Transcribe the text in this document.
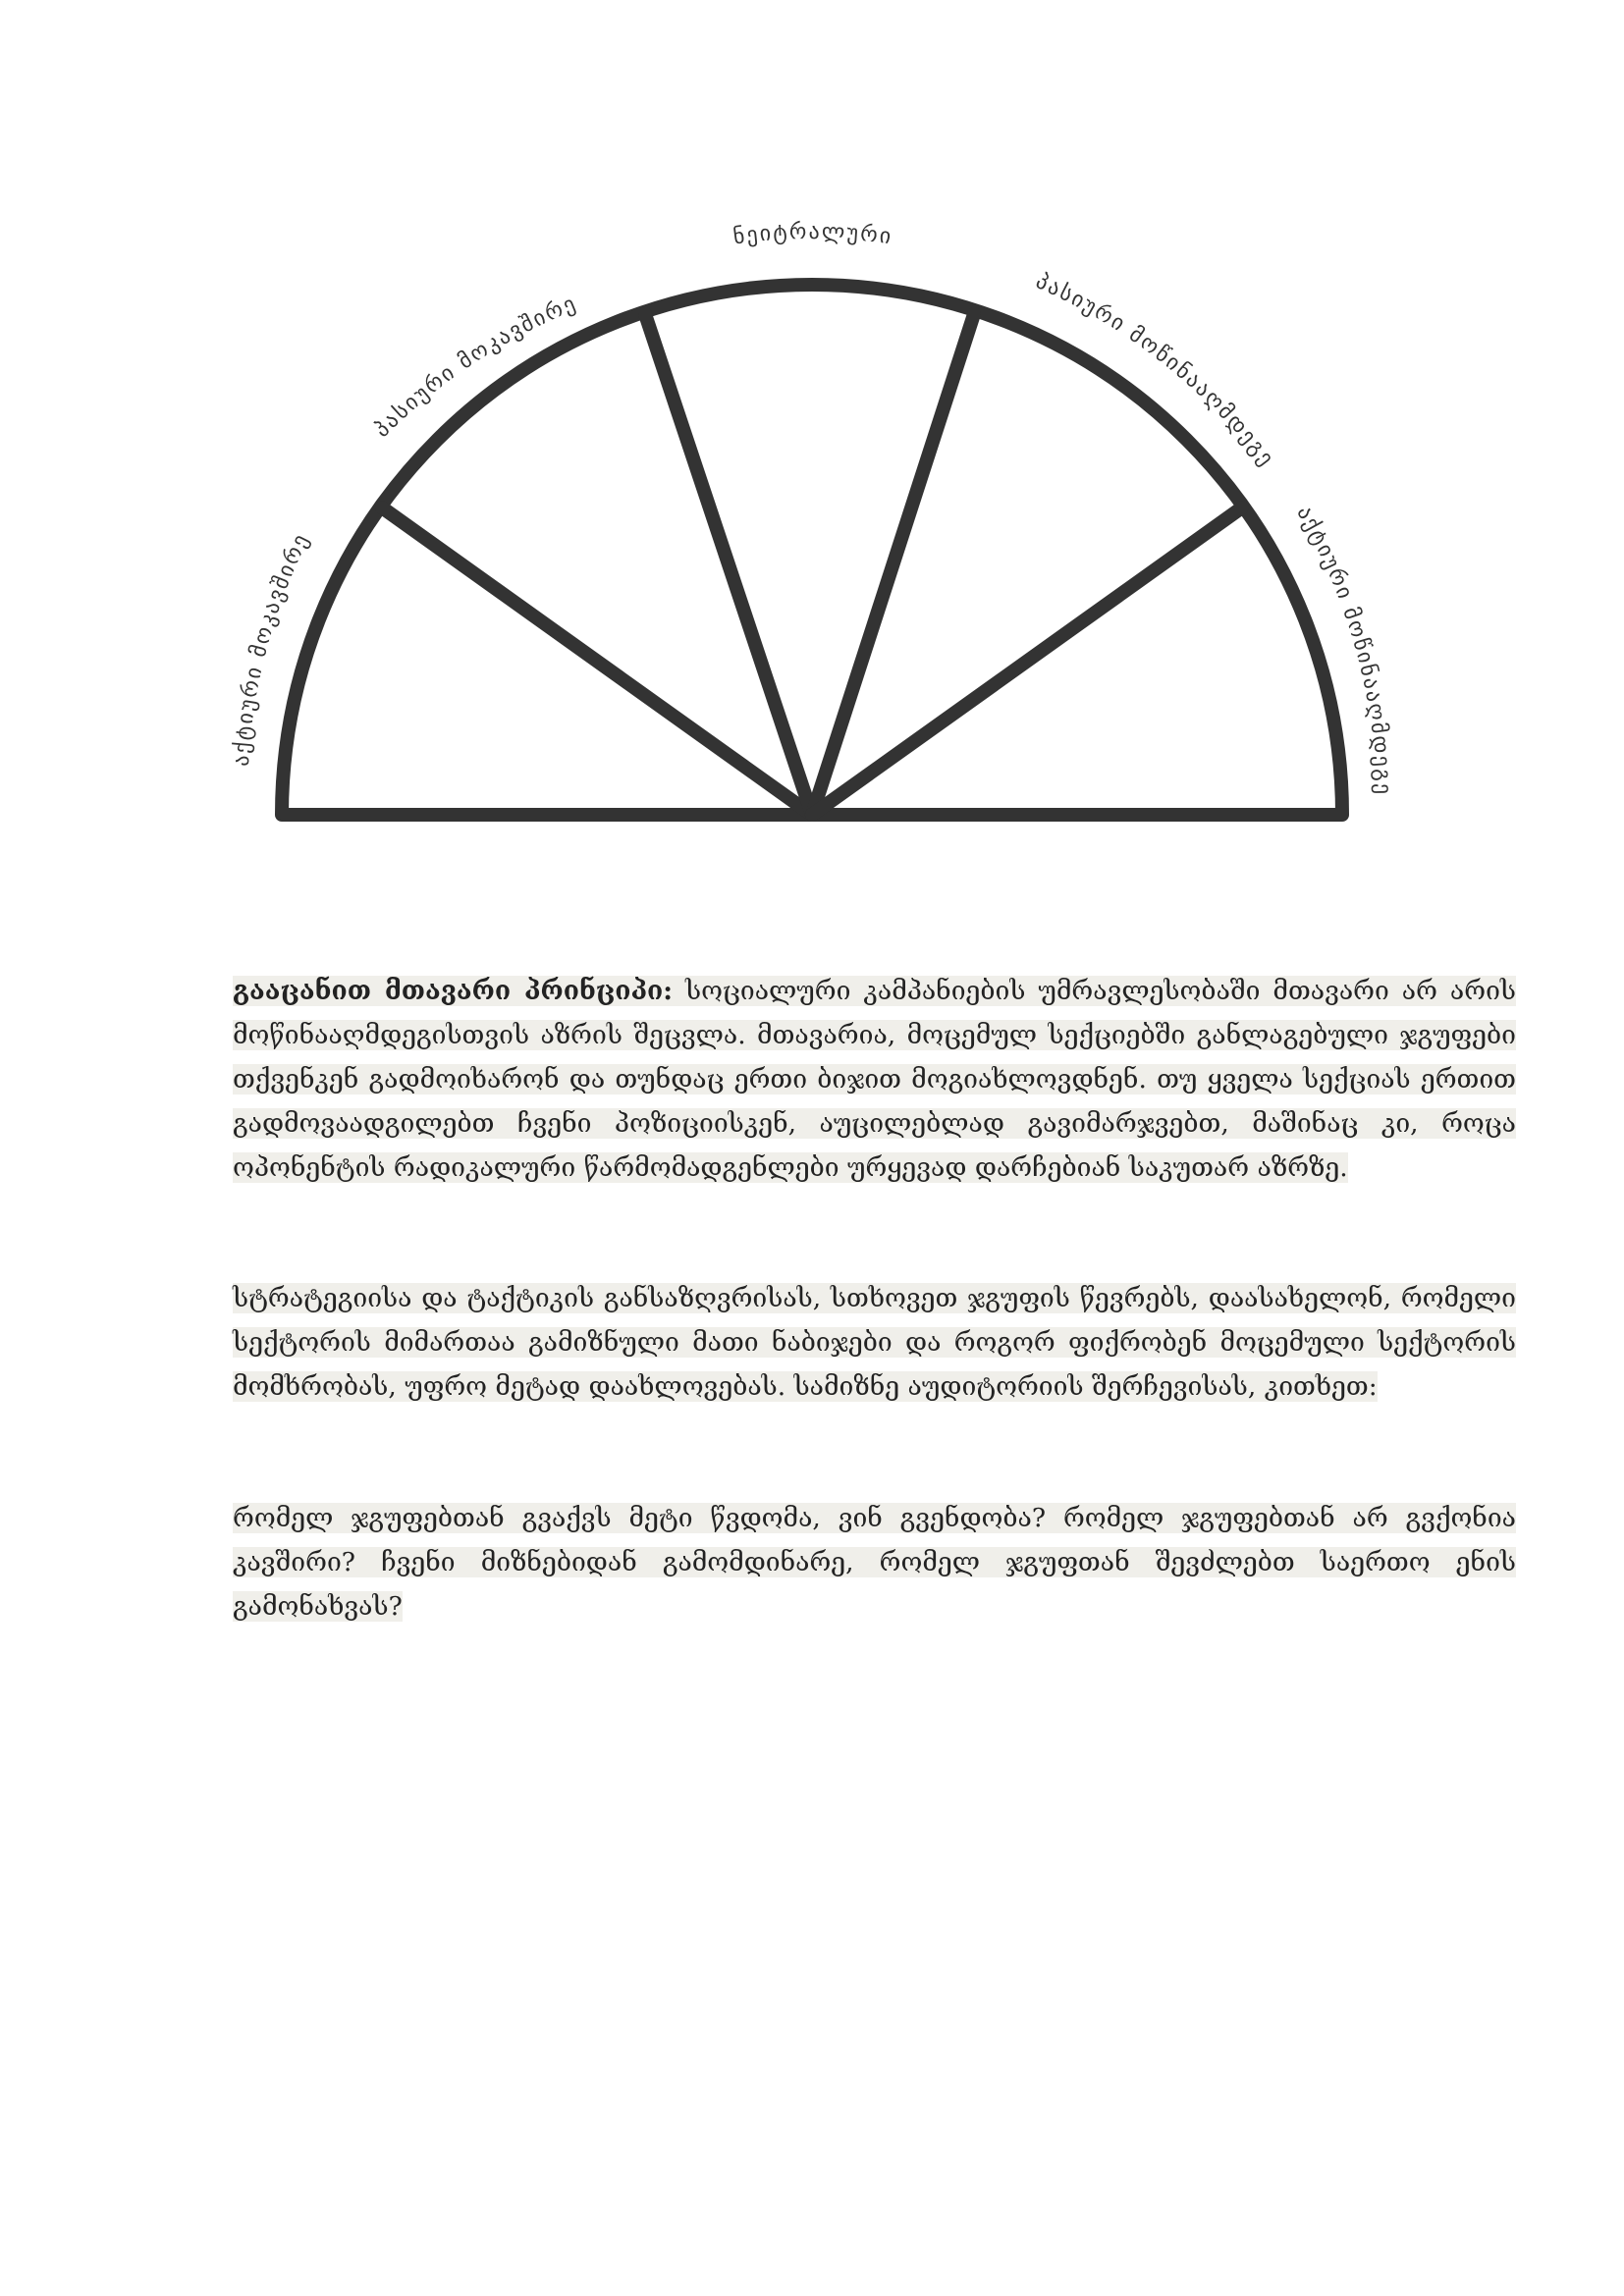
აქტიური მოკავშირე
პასიური მოკავშირე
ნეიტრალური
პასიური მოწინააღმდეგე
აქტიური მოწინააღმდეგე

გააცანით მთავარი პრინციპი: სოციალური კამპანიების უმრავლესობაში მთავარი არ არის მოწინააღმდეგისთვის აზრის შეცვლა. მთავარია, მოცემულ სექციებში განლაგებული ჯგუფები თქვენკენ გადმოიხარონ და თუნდაც ერთი ბიჯით მოგიახლოვდნენ. თუ ყველა სექციას ერთით გადმოვაადგილებთ ჩვენი პოზიციისკენ, აუცილებლად გავიმარჯვებთ, მაშინაც კი, როცა ოპონენტის რადიკალური წარმომადგენლები ურყევად დარჩებიან საკუთარ აზრზე.

სტრატეგიისა და ტაქტიკის განსაზღვრისას, სთხოვეთ ჯგუფის წევრებს, დაასახელონ, რომელი სექტორის მიმართაა გამიზნული მათი ნაბიჯები და როგორ ფიქრობენ მოცემული სექტორის მომხრობას, უფრო მეტად დაახლოვებას. სამიზნე აუდიტორიის შერჩევისას, კითხეთ:

რომელ ჯგუფებთან გვაქვს მეტი წვდომა, ვინ გვენდობა? რომელ ჯგუფებთან არ გვქონია კავშირი? ჩვენი მიზნებიდან გამომდინარე, რომელ ჯგუფთან შევძლებთ საერთო ენის გამონახვას?
